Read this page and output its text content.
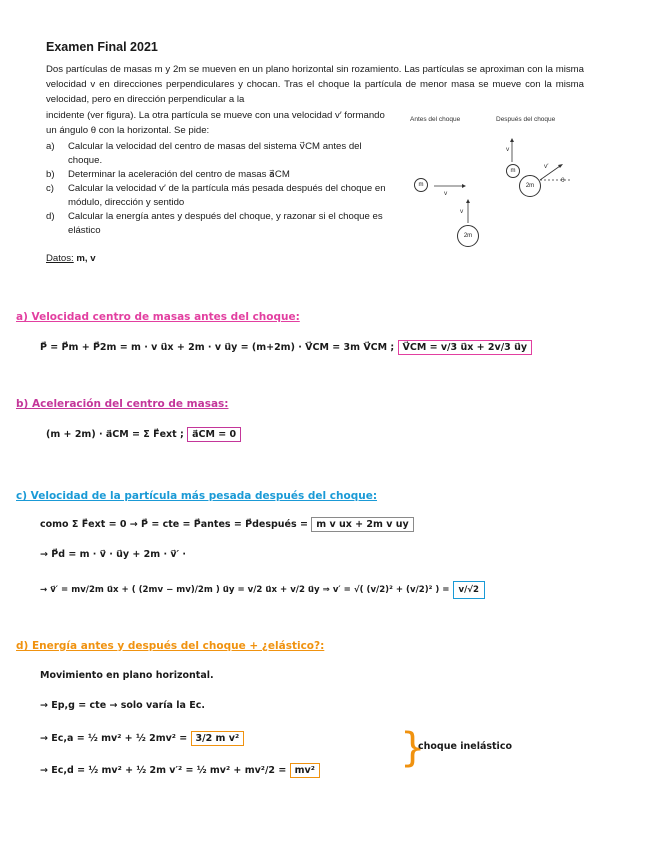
Examen Final 2021
Dos partículas de masas m y 2m se mueven en un plano horizontal sin rozamiento. Las partículas se aproximan con la misma velocidad v en direcciones perpendiculares y chocan. Tras el choque la partícula de menor masa se mueve con la misma velocidad, pero en dirección perpendicular a la
incidente (ver figura). La otra partícula se mueve con una velocidad v′ formando un ángulo θ con la horizontal. Se pide:
a)	Calcular la velocidad del centro de masas del sistema v⃗CM antes del choque.
b)	Determinar la aceleración del centro de masas a⃗CM
c)	Calcular la velocidad v′ de la partícula más pesada después del choque en módulo, dirección y sentido
d)	Calcular la energía antes y después del choque, y razonar si el choque es elástico
Datos: m, v
Antes del choque	Después del choque
m
2m
m
2m
v
v
v
v′
θ
a) Velocidad centro de masas antes del choque:
P⃗ = P⃗m + P⃗2m = m · v u⃗x + 2m · v u⃗y = (m+2m) · V⃗CM = 3m V⃗CM ; V⃗CM = v/3 u⃗x + 2v/3 u⃗y
b) Aceleración del centro de masas:
(m + 2m) · a⃗CM = Σ F⃗ext ; a⃗CM = 0
c) Velocidad de la partícula más pesada después del choque:
como Σ F⃗ext = 0 → P⃗ = cte = P⃗antes = P⃗después = m v ux + 2m v uy
→ P⃗d = m · v⃗ · u⃗y + 2m · v⃗′ ·
→ v⃗′ = mv/2m u⃗x + ( (2mv − mv)/2m ) u⃗y = v/2 u⃗x + v/2 u⃗y ⇒ v′ = √( (v/2)² + (v/2)² ) = v/√2
d) Energía antes y después del choque + ¿elástico?:
Movimiento en plano horizontal.
→ Ep,g = cte → solo varía la Ec.
→ Ec,a = ½ mv² + ½ 2mv² = 3/2 m v²
→ Ec,d = ½ mv² + ½ 2m v′² = ½ mv² + mv²/2 = mv² }
choque inelástico
